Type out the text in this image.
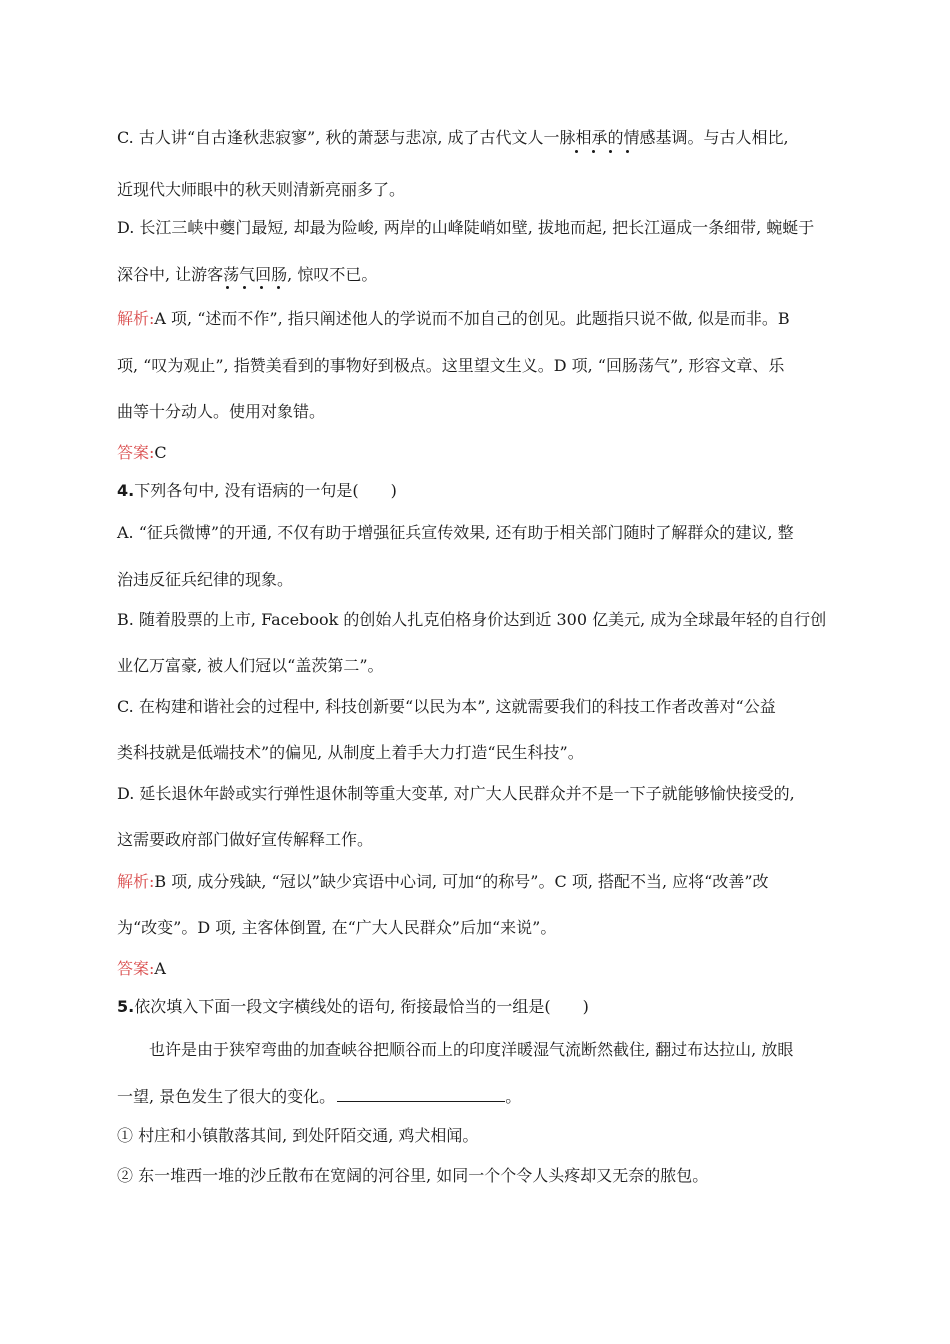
C. 古人讲“自古逢秋悲寂寥”, 秋的萧瑟与悲凉, 成了古代文人一脉相承的情感基调。与古人相比,
近现代大师眼中的秋天则清新亮丽多了。
D. 长江三峡中夔门最短, 却最为险峻, 两岸的山峰陡峭如壁, 拔地而起, 把长江逼成一条细带, 蜿蜒于
深谷中, 让游客荡气回肠, 惊叹不已。
解析:A 项, “述而不作”, 指只阐述他人的学说而不加自己的创见。此题指只说不做, 似是而非。B
项, “叹为观止”, 指赞美看到的事物好到极点。这里望文生义。D 项, “回肠荡气”, 形容文章、乐
曲等十分动人。使用对象错。
答案:C
4.下列各句中, 没有语病的一句是(　　)
A. “征兵微博”的开通, 不仅有助于增强征兵宣传效果, 还有助于相关部门随时了解群众的建议, 整
治违反征兵纪律的现象。
B. 随着股票的上市, Facebook 的创始人扎克伯格身价达到近 300 亿美元, 成为全球最年轻的自行创
业亿万富豪, 被人们冠以“盖茨第二”。
C. 在构建和谐社会的过程中, 科技创新要“以民为本”, 这就需要我们的科技工作者改善对“公益
类科技就是低端技术”的偏见, 从制度上着手大力打造“民生科技”。
D. 延长退休年龄或实行弹性退休制等重大变革, 对广大人民群众并不是一下子就能够愉快接受的,
这需要政府部门做好宣传解释工作。
解析:B 项, 成分残缺, “冠以”缺少宾语中心词, 可加“的称号”。C 项, 搭配不当, 应将“改善”改
为“改变”。D 项, 主客体倒置, 在“广大人民群众”后加“来说”。
答案:A
5.依次填入下面一段文字横线处的语句, 衔接最恰当的一组是(　　)
也许是由于狭窄弯曲的加查峡谷把顺谷而上的印度洋暖湿气流断然截住, 翻过布达拉山, 放眼
一望, 景色发生了很大的变化。	。
① 村庄和小镇散落其间, 到处阡陌交通, 鸡犬相闻。
② 东一堆西一堆的沙丘散布在宽阔的河谷里, 如同一个个令人头疼却又无奈的脓包。
